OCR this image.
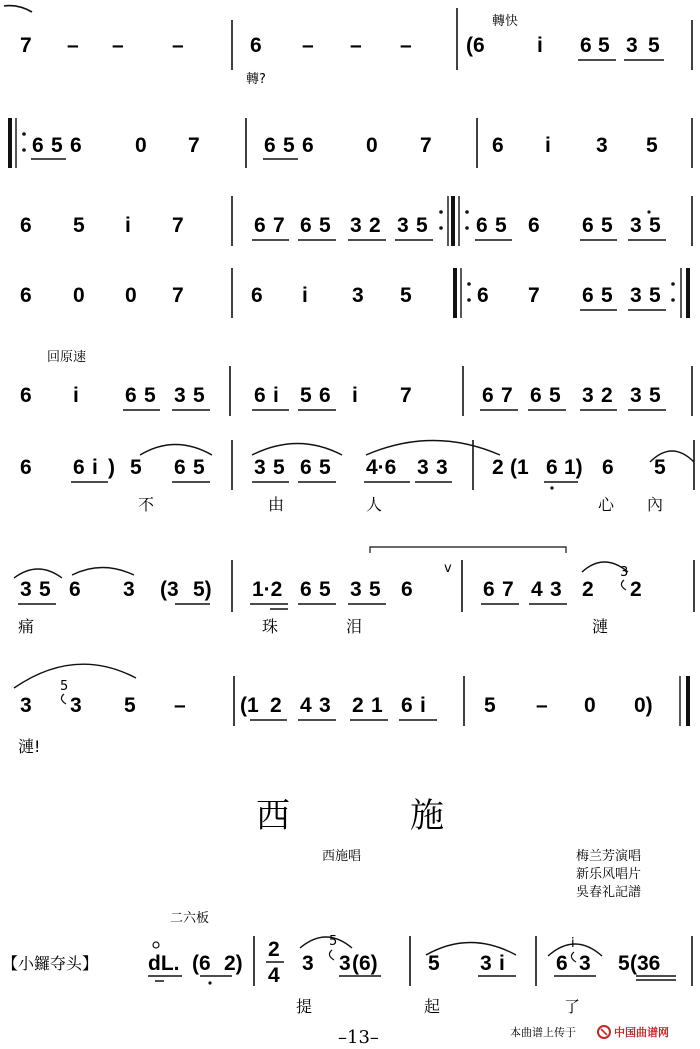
7 – – –	6 – – –
轉?
轉快
(6 i 6 5 3 5
6 5 6	0 7	6 5 6 0 7	6 i 3 5
6 5 i 7	6 7 6 5 3 2 3 5 6 5 6 6 5 3 5
6 0 0 7	6 i 3 5	6 7 6 5 3 5
回原速
6 i 6 5 3 5 6 i 5 6 i 7	6 7 6 5 3 2 3 5
6 6 i ) 5 6 5 3 5 6 5 4·6 3 3 2 (1 6 1) 6 5
不	由	人	心 內
3 5 6 3 (3 5) 1·2 6 5 3 5 6
v
6 7 4 3 2
3
2
痛	珠	泪	漣
3
5
3 5 –	(1 2 4 3 2 1 6 i	5 – 0 0)
漣!
西	施
西施唱	梅兰芳演唱
新乐风唱片
吳春礼記譜
二六板
【小鑼夺头】 dL. (6 2)
2
4
3
5
3 (6) 5 3 i 6
i
3 5 (36
提	起	了
–13–	本曲谱上传于	中国曲谱网
